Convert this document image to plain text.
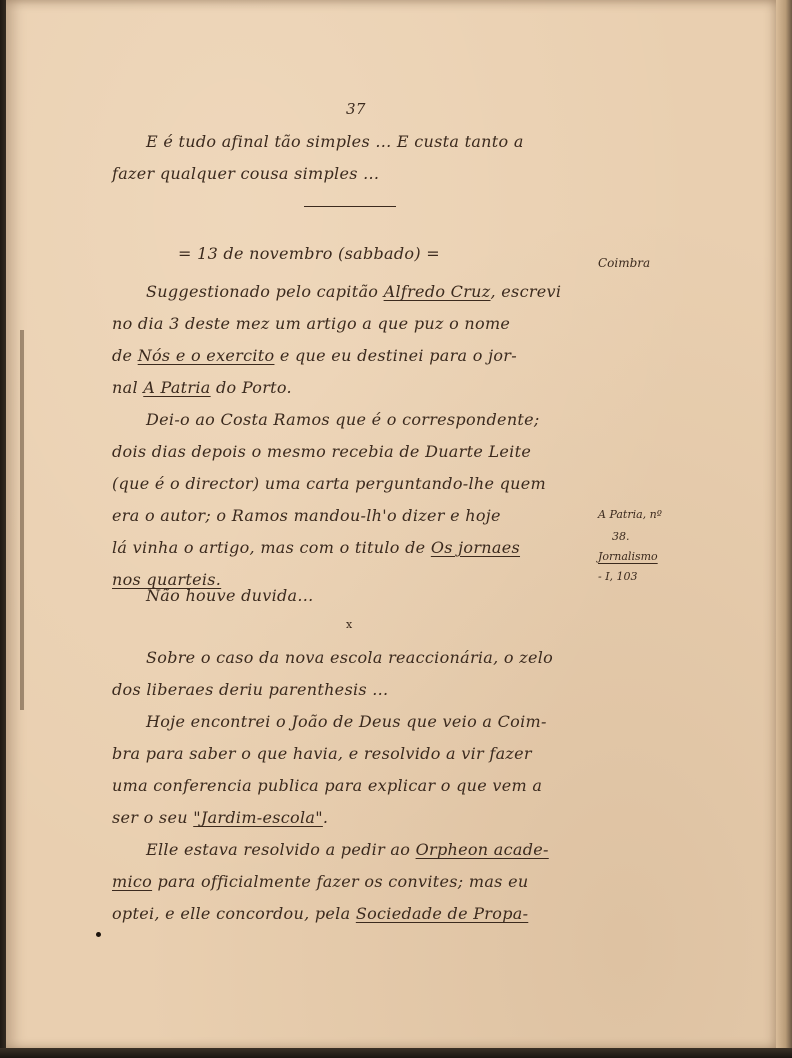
37
E é tudo afinal tão simples ... E custa tanto a
fazer qualquer cousa simples ...
= 13 de novembro (sabbado) =	Coimbra
Suggestionado pelo capitão Alfredo Cruz, escrevi
no dia 3 deste mez um artigo a que puz o nome
de Nós e o exercito e que eu destinei para o jor-
nal A Patria do Porto.
Dei-o ao Costa Ramos que é o correspondente;
dois dias depois o mesmo recebia de Duarte Leite
(que é o director) uma carta perguntando-lhe quem
era o autor; o Ramos mandou-lh'o dizer e hoje
lá vinha o artigo, mas com o titulo de Os jornaes
nos quarteis.
A Patria, nº
38.
Jornalismo
- I, 103
Não houve duvida...
x
Sobre o caso da nova escola reaccionária, o zelo
dos liberaes deriu parenthesis ...
Hoje encontrei o João de Deus que veio a Coim-
bra para saber o que havia, e resolvido a vir fazer
uma conferencia publica para explicar o que vem a
ser o seu "Jardim-escola".
Elle estava resolvido a pedir ao Orpheon acade-
mico para officialmente fazer os convites; mas eu
optei, e elle concordou, pela Sociedade de Propa-
